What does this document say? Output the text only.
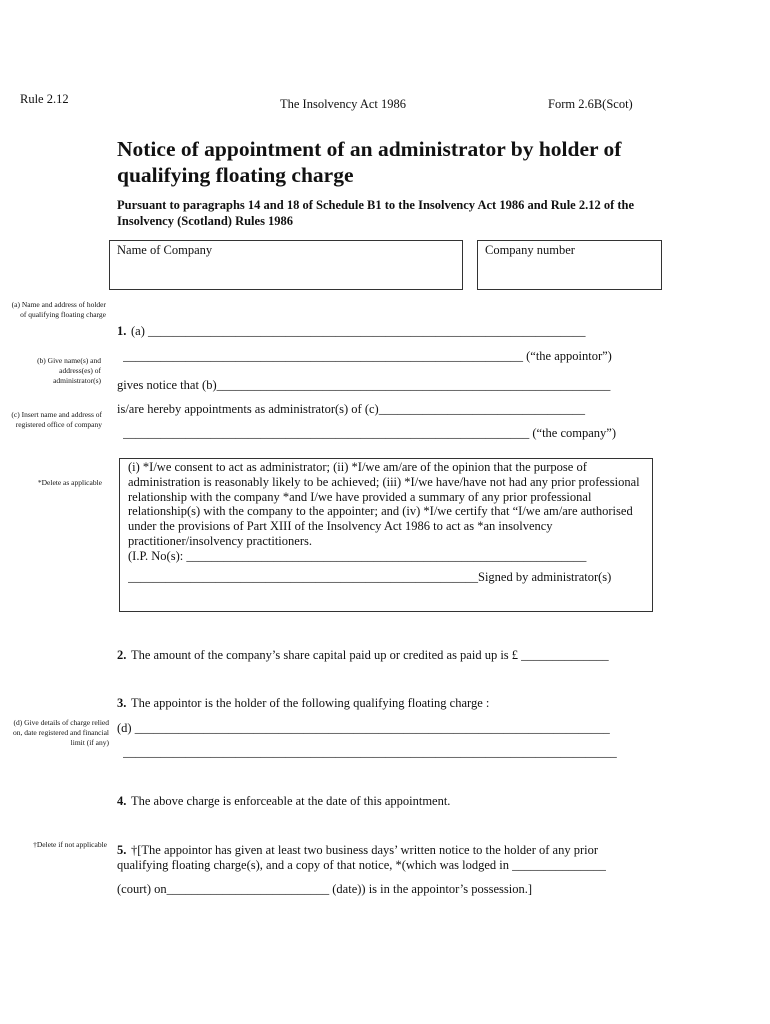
Rule 2.12	The Insolvency Act 1986	Form 2.6B(Scot)
Notice of appointment of an administrator by holder of qualifying floating charge
Pursuant to paragraphs 14 and 18 of Schedule B1 to the Insolvency Act 1986 and Rule 2.12 of the Insolvency (Scotland) Rules 1986
Name of Company	Company number
(a) Name and address of holder of qualifying floating charge
(b) Give name(s) and address(es) of administrator(s)
(c) Insert name and address of registered office of company
*Delete as applicable
(d) Give details of charge relied on, date registered and financial limit (if any)
†Delete if not applicable
1. (a) ______________________________________________________________________
________________________________________________________________ (“the appointor”)
gives notice that (b)_______________________________________________________________
is/are hereby appointments as administrator(s) of (c)_________________________________
_________________________________________________________________ (“the company”)
(i) *I/we consent to act as administrator; (ii) *I/we am/are of the opinion that the purpose of administration is reasonably likely to be achieved; (iii) *I/we have/have not had any prior professional relationship with the company *and I/we have provided a summary of any prior professional relationship(s) with the company to the appointer; and (iv) *I/we certify that “I/we am/are authorised under the provisions of Part XIII of the Insolvency Act 1986 to act as *an insolvency practitioner/insolvency practitioners.
(I.P. No(s): ________________________________________________________________
________________________________________________________Signed by administrator(s)
2. The amount of the company’s share capital paid up or credited as paid up is £ ______________
3. The appointor is the holder of the following qualifying floating charge :
(d) ____________________________________________________________________________
_______________________________________________________________________________
4. The above charge is enforceable at the date of this appointment.
5. †[The appointor has given at least two business days’ written notice to the holder of any prior
qualifying floating charge(s), and a copy of that notice, *(which was lodged in _______________
(court) on__________________________ (date)) is in the appointor’s possession.]
